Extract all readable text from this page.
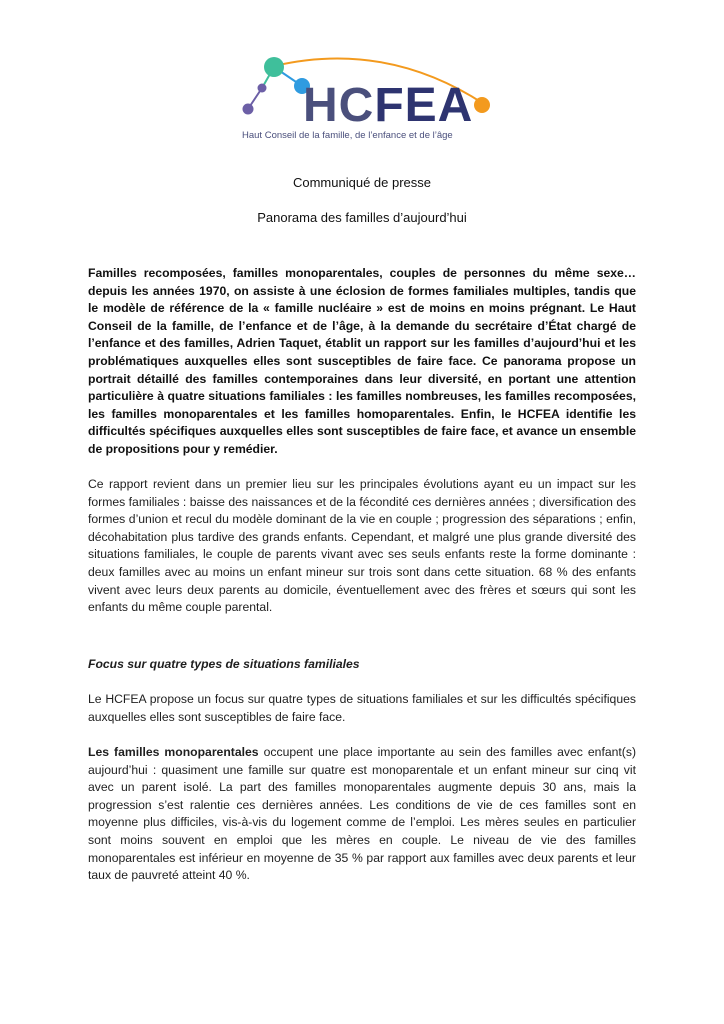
HCFEA
Haut Conseil de la famille, de l’enfance et de l’âge
Communiqué de presse
Panorama des familles d’aujourd’hui

Familles recomposées, familles monoparentales, couples de personnes du même sexe… depuis les années 1970, on assiste à une éclosion de formes familiales multiples, tandis que le modèle de référence de la « famille nucléaire » est de moins en moins prégnant. Le Haut Conseil de la famille, de l’enfance et de l’âge, à la demande du secrétaire d’État chargé de l’enfance et des familles, Adrien Taquet, établit un rapport sur les familles d’aujourd’hui et les problématiques auxquelles elles sont susceptibles de faire face. Ce panorama propose un portrait détaillé des familles contemporaines dans leur diversité, en portant une attention particulière à quatre situations familiales : les familles nombreuses, les familles recomposées, les familles monoparentales et les familles homoparentales. Enfin, le HCFEA identifie les difficultés spécifiques auxquelles elles sont susceptibles de faire face, et avance un ensemble de propositions pour y remédier.

Ce rapport revient dans un premier lieu sur les principales évolutions ayant eu un impact sur les formes familiales : baisse des naissances et de la fécondité ces dernières années ; diversification des formes d’union et recul du modèle dominant de la vie en couple ; progression des séparations ; enfin, décohabitation plus tardive des grands enfants. Cependant, et malgré une plus grande diversité des situations familiales, le couple de parents vivant avec ses seuls enfants reste la forme dominante : deux familles avec au moins un enfant mineur sur trois sont dans cette situation. 68 % des enfants vivent avec leurs deux parents au domicile, éventuellement avec des frères et sœurs qui sont les enfants du même couple parental.

Focus sur quatre types de situations familiales

Le HCFEA propose un focus sur quatre types de situations familiales et sur les difficultés spécifiques auxquelles elles sont susceptibles de faire face.

Les familles monoparentales occupent une place importante au sein des familles avec enfant(s) aujourd’hui : quasiment une famille sur quatre est monoparentale et un enfant mineur sur cinq vit avec un parent isolé. La part des familles monoparentales augmente depuis 30 ans, mais la progression s’est ralentie ces dernières années. Les conditions de vie de ces familles sont en moyenne plus difficiles, vis-à-vis du logement comme de l’emploi. Les mères seules en particulier sont moins souvent en emploi que les mères en couple. Le niveau de vie des familles monoparentales est inférieur en moyenne de 35 % par rapport aux familles avec deux parents et leur taux de pauvreté atteint 40 %.
